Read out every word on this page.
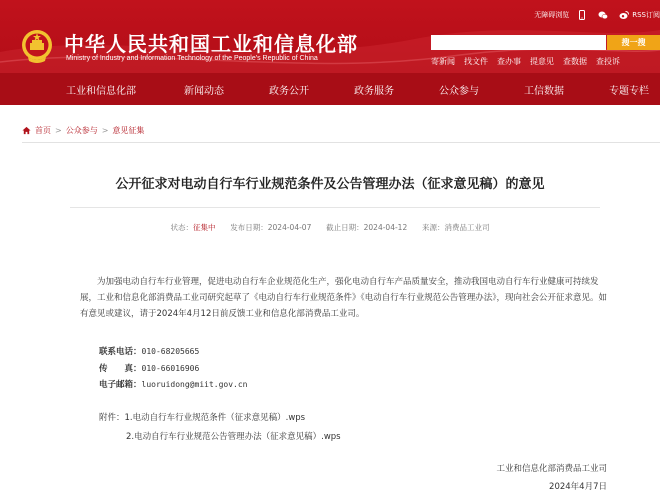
中华人民共和国工业和信息化部
Ministry of Industry and Information Technology of the People's Republic of China
无障碍浏览	RSS订阅
搜一搜
寄新闻 找文件 查办事 提意见 查数据 查投诉
工业和信息化部	新闻动态	政务公开	政务服务	公众参与	工信数据	专题专栏
首页 > 公众参与 > 意见征集
公开征求对电动自行车行业规范条件及公告管理办法（征求意见稿）的意见
状态：征集中 发布日期：2024-04-07 截止日期：2024-04-12 来源：消费品工业司
为加强电动自行车行业管理，促进电动自行车企业规范化生产，强化电动自行车产品质量安全，推动我国电动自行车行业健康可持续发展，工业和信息化部消费品工业司研究起草了《电动自行车行业规范条件》《电动自行车行业规范公告管理办法》，现向社会公开征求意见。如有意见或建议，请于2024年4月12日前反馈工业和信息化部消费品工业司。
联系电话：010-68205665
传　　真：010-66016906
电子邮箱：luoruidong@miit.gov.cn
附件：1.电动自行车行业规范条件（征求意见稿）.wps
2.电动自行车行业规范公告管理办法（征求意见稿）.wps
工业和信息化部消费品工业司
2024年4月7日
